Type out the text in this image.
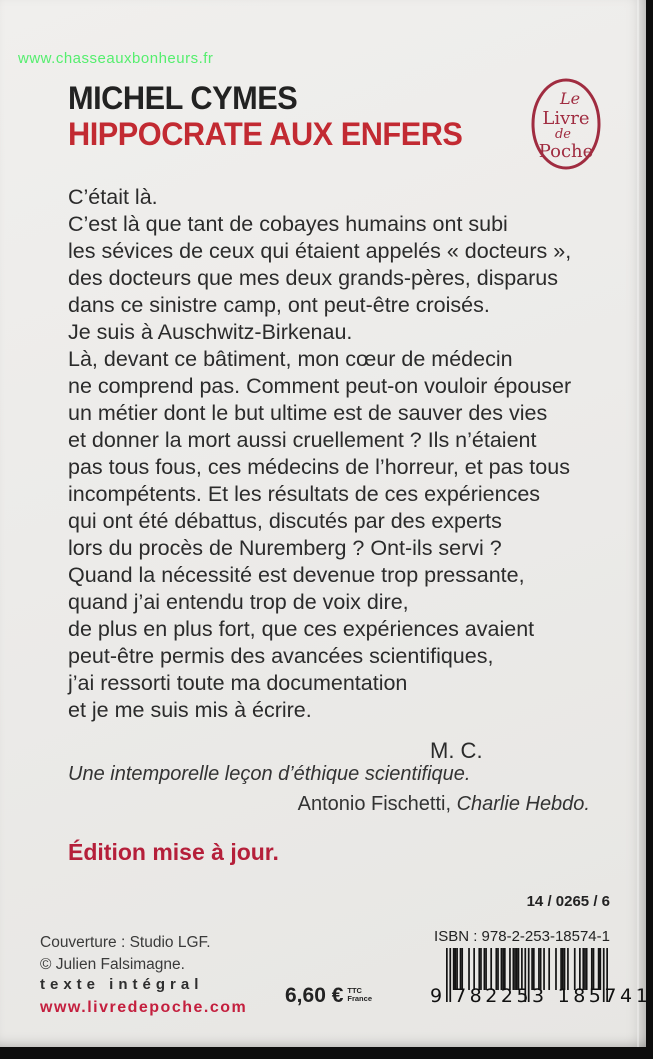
www.chasseauxbonheurs.fr
MICHEL CYMES
HIPPOCRATE AUX ENFERS
Le
Livre
de
Poche
C’était là.
C’est là que tant de cobayes humains ont subi
les sévices de ceux qui étaient appelés « docteurs »,
des docteurs que mes deux grands-pères, disparus
dans ce sinistre camp, ont peut-être croisés.
Je suis à Auschwitz-Birkenau.
Là, devant ce bâtiment, mon cœur de médecin
ne comprend pas. Comment peut-on vouloir épouser
un métier dont le but ultime est de sauver des vies
et donner la mort aussi cruellement ? Ils n’étaient
pas tous fous, ces médecins de l’horreur, et pas tous
incompétents. Et les résultats de ces expériences
qui ont été débattus, discutés par des experts
lors du procès de Nuremberg ? Ont-ils servi ?
Quand la nécessité est devenue trop pressante,
quand j’ai entendu trop de voix dire,
de plus en plus fort, que ces expériences avaient
peut-être permis des avancées scientifiques,
j’ai ressorti toute ma documentation
et je me suis mis à écrire.
M. C.
Une intemporelle leçon d’éthique scientifique.
Antonio Fischetti, Charlie Hebdo.
Édition mise à jour.
Couverture : Studio LGF.
© Julien Falsimagne.
texte intégral
www.livredepoche.com
6,60 € TTC
France
14 / 0265 / 6
ISBN : 978-2-253-18574-1
9 782253 185741
